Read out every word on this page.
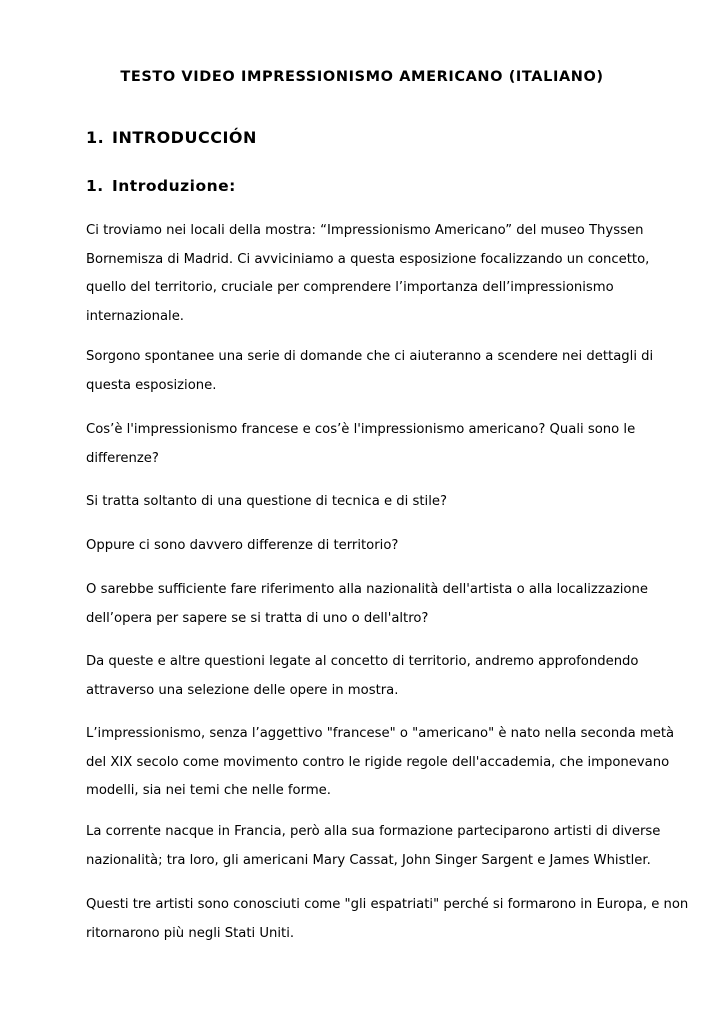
TESTO VIDEO IMPRESSIONISMO AMERICANO (ITALIANO)
1. INTRODUCCIÓN
1. Introduzione:

Ci troviamo nei locali della mostra: “Impressionismo Americano” del museo Thyssen
Bornemisza di Madrid. Ci avviciniamo a questa esposizione focalizzando un concetto,
quello del territorio, cruciale per comprendere l’importanza dell’impressionismo
internazionale.

Sorgono spontanee una serie di domande che ci aiuteranno a scendere nei dettagli di
questa esposizione.

Cos’è l'impressionismo francese e cos’è l'impressionismo americano? Quali sono le
differenze?

Si tratta soltanto di una questione di tecnica e di stile?

Oppure ci sono davvero differenze di territorio?

O sarebbe sufficiente fare riferimento alla nazionalità dell'artista o alla localizzazione
dell’opera per sapere se si tratta di uno o dell'altro?

Da queste e altre questioni legate al concetto di territorio, andremo approfondendo
attraverso una selezione delle opere in mostra.

L’impressionismo, senza l’aggettivo "francese" o "americano" è nato nella seconda metà
del XIX secolo come movimento contro le rigide regole dell'accademia, che imponevano
modelli, sia nei temi che nelle forme.

La corrente nacque in Francia, però alla sua formazione parteciparono artisti di diverse
nazionalità; tra loro, gli americani Mary Cassat, John Singer Sargent e James Whistler.

Questi tre artisti sono conosciuti come "gli espatriati" perché si formarono in Europa, e non
ritornarono più negli Stati Uniti.
